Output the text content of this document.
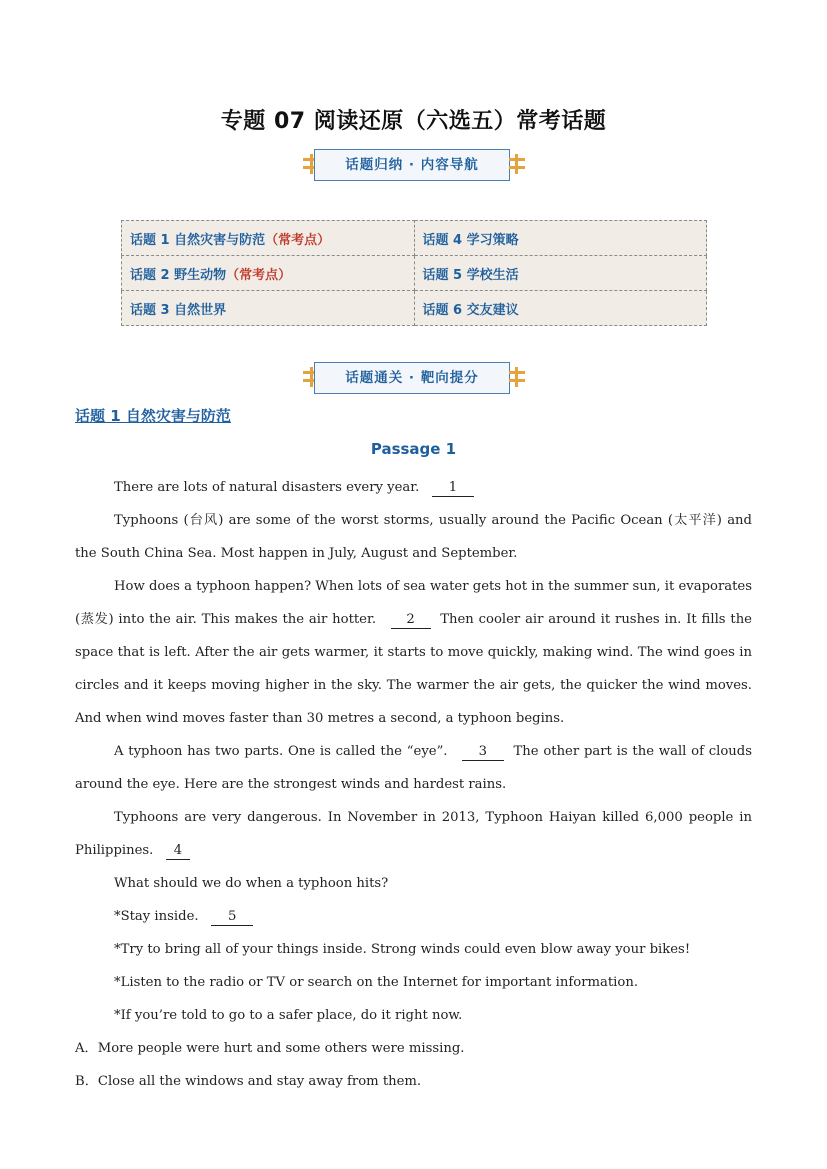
专题 07 阅读还原（六选五）常考话题
话题归纳 · 内容导航
话题 1 自然灾害与防范（常考点）	话题 4 学习策略
话题 2 野生动物（常考点）	话题 5 学校生活
话题 3 自然世界	话题 6 交友建议
话题通关 · 靶向提分
话题 1 自然灾害与防范
Passage 1

There are lots of natural disasters every year. 1

Typhoons (台风) are some of the worst storms, usually around the Pacific Ocean (太平洋) and the South China Sea. Most happen in July, August and September.

How does a typhoon happen? When lots of sea water gets hot in the summer sun, it evaporates (蒸发) into the air. This makes the air hotter. 2 Then cooler air around it rushes in. It fills the space that is left. After the air gets warmer, it starts to move quickly, making wind. The wind goes in circles and it keeps moving higher in the sky. The warmer the air gets, the quicker the wind moves. And when wind moves faster than 30 metres a second, a typhoon begins.

A typhoon has two parts. One is called the “eye”. 3 The other part is the wall of clouds around the eye. Here are the strongest winds and hardest rains.

Typhoons are very dangerous. In November in 2013, Typhoon Haiyan killed 6,000 people in Philippines. 4

What should we do when a typhoon hits?

*Stay inside. 5

*Try to bring all of your things inside. Strong winds could even blow away your bikes!

*Listen to the radio or TV or search on the Internet for important information.

*If you’re told to go to a safer place, do it right now.

A．More people were hurt and some others were missing.

B．Close all the windows and stay away from them.
